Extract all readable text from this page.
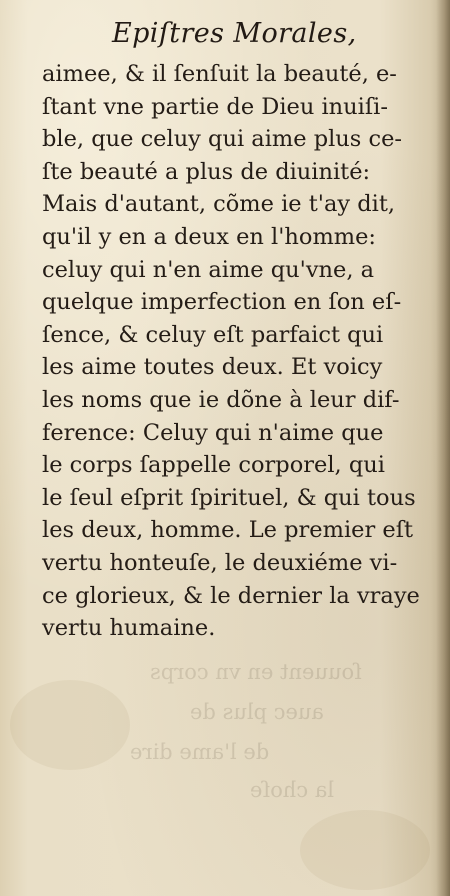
ſouuent en vn corps
auec plus de
de l'ame dire
la choſe
Epiſtres Morales,
aimee, & il ſenſuit la beauté, e-
ſtant vne partie de Dieu inuiſi-
ble, que celuy qui aime plus ce-
ſte beauté a plus de diuinité:
Mais d'autant, cõme ie t'ay dit,
qu'il y en a deux en l'homme:
celuy qui n'en aime qu'vne, a
quelque imperfection en ſon eſ-
ſence, & celuy eſt parfaict qui
les aime toutes deux. Et voicy
les noms que ie dõne à leur dif-
ference: Celuy qui n'aime que
le corps ſappelle corporel, qui
le ſeul eſprit ſpirituel, & qui tous
les deux, homme. Le premier eſt
vertu honteuſe, le deuxiéme vi-
ce glorieux, & le dernier la vraye
vertu humaine.
